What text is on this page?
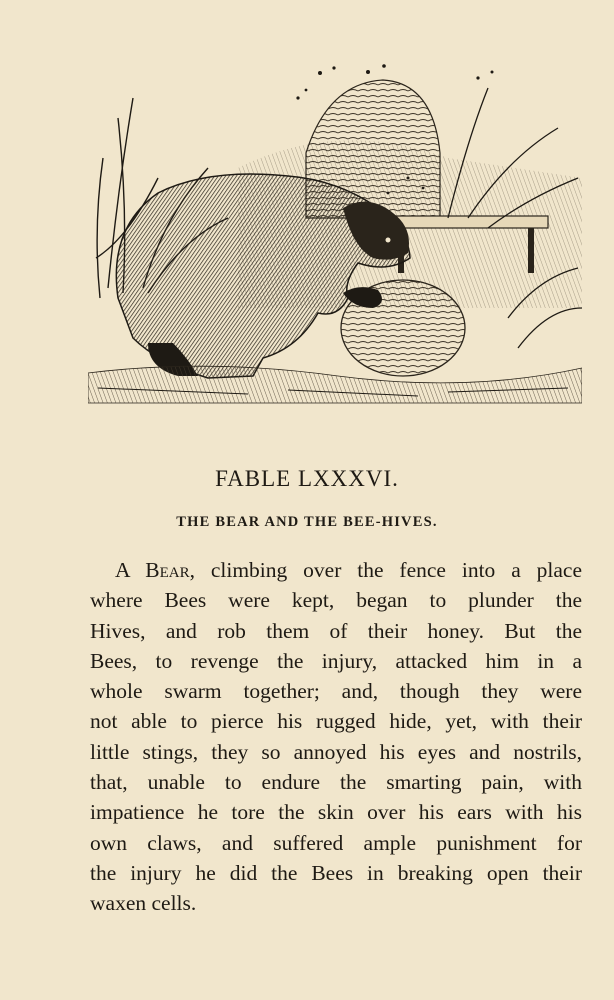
FABLE LXXXVI.
THE BEAR AND THE BEE-HIVES.
A Bear, climbing over the fence into a place
where Bees were kept, began to plunder the
Hives, and rob them of their honey. But the
Bees, to revenge the injury, attacked him in a
whole swarm together; and, though they were
not able to pierce his rugged hide, yet, with their
little stings, they so annoyed his eyes and nostrils,
that, unable to endure the smarting pain, with
impatience he tore the skin over his ears with his
own claws, and suffered ample punishment for
the injury he did the Bees in breaking open their
waxen cells.
